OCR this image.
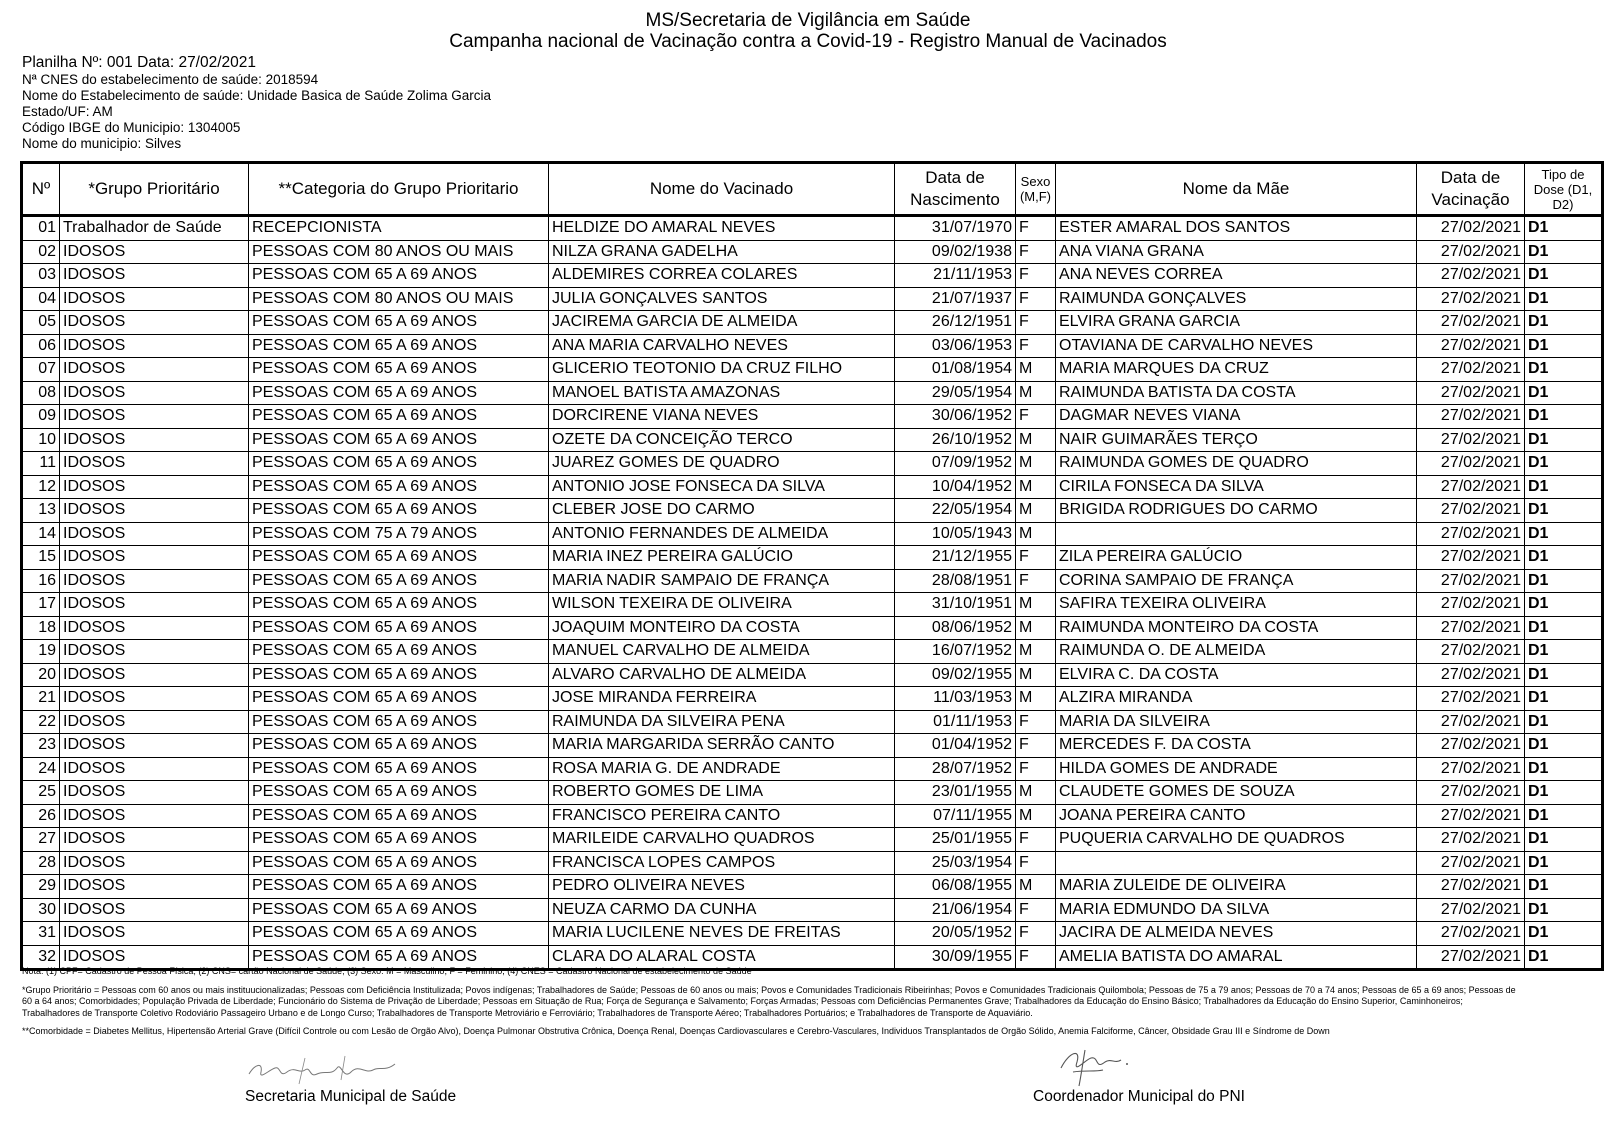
MS/Secretaria de Vigilância em Saúde
Campanha nacional de Vacinação contra a Covid-19 - Registro Manual de Vacinados
Planilha Nº: 001 Data: 27/02/2021
Nª CNES do estabelecimento de saúde: 2018594
Nome do Estabelecimento de saúde: Unidade Basica de Saúde Zolima Garcia
Estado/UF: AM
Código IBGE do Municipio: 1304005
Nome do municipio: Silves
Nº	*Grupo Prioritário	**Categoria do Grupo Prioritario	Nome do Vacinado	Data de Nascimento	Sexo (M,F)	Nome da Mãe	Data de Vacinação	Tipo de Dose (D1, D2)
01	Trabalhador de Saúde	RECEPCIONISTA	HELDIZE DO AMARAL NEVES	31/07/1970	F	ESTER AMARAL DOS SANTOS	27/02/2021	D1
02	IDOSOS	PESSOAS COM 80 ANOS OU MAIS	NILZA GRANA GADELHA	09/02/1938	F	ANA VIANA GRANA	27/02/2021	D1
03	IDOSOS	PESSOAS COM 65 A 69 ANOS	ALDEMIRES CORREA COLARES	21/11/1953	F	ANA NEVES CORREA	27/02/2021	D1
04	IDOSOS	PESSOAS COM 80 ANOS OU MAIS	JULIA GONÇALVES SANTOS	21/07/1937	F	RAIMUNDA GONÇALVES	27/02/2021	D1
05	IDOSOS	PESSOAS COM 65 A 69 ANOS	JACIREMA GARCIA DE ALMEIDA	26/12/1951	F	ELVIRA GRANA GARCIA	27/02/2021	D1
06	IDOSOS	PESSOAS COM 65 A 69 ANOS	ANA MARIA CARVALHO NEVES	03/06/1953	F	OTAVIANA DE CARVALHO NEVES	27/02/2021	D1
07	IDOSOS	PESSOAS COM 65 A 69 ANOS	GLICERIO TEOTONIO DA CRUZ FILHO	01/08/1954	M	MARIA MARQUES DA CRUZ	27/02/2021	D1
08	IDOSOS	PESSOAS COM 65 A 69 ANOS	MANOEL BATISTA AMAZONAS	29/05/1954	M	RAIMUNDA BATISTA DA COSTA	27/02/2021	D1
09	IDOSOS	PESSOAS COM 65 A 69 ANOS	DORCIRENE VIANA NEVES	30/06/1952	F	DAGMAR NEVES VIANA	27/02/2021	D1
10	IDOSOS	PESSOAS COM 65 A 69 ANOS	OZETE DA CONCEIÇÃO TERCO	26/10/1952	M	NAIR GUIMARÃES TERÇO	27/02/2021	D1
11	IDOSOS	PESSOAS COM 65 A 69 ANOS	JUAREZ GOMES DE QUADRO	07/09/1952	M	RAIMUNDA GOMES DE QUADRO	27/02/2021	D1
12	IDOSOS	PESSOAS COM 65 A 69 ANOS	ANTONIO JOSE FONSECA DA SILVA	10/04/1952	M	CIRILA FONSECA DA SILVA	27/02/2021	D1
13	IDOSOS	PESSOAS COM 65 A 69 ANOS	CLEBER JOSE DO CARMO	22/05/1954	M	BRIGIDA RODRIGUES DO CARMO	27/02/2021	D1
14	IDOSOS	PESSOAS COM 75 A 79 ANOS	ANTONIO FERNANDES DE ALMEIDA	10/05/1943	M		27/02/2021	D1
15	IDOSOS	PESSOAS COM 65 A 69 ANOS	MARIA INEZ PEREIRA GALÚCIO	21/12/1955	F	ZILA PEREIRA GALÚCIO	27/02/2021	D1
16	IDOSOS	PESSOAS COM 65 A 69 ANOS	MARIA NADIR SAMPAIO DE FRANÇA	28/08/1951	F	CORINA SAMPAIO DE FRANÇA	27/02/2021	D1
17	IDOSOS	PESSOAS COM 65 A 69 ANOS	WILSON TEXEIRA DE OLIVEIRA	31/10/1951	M	SAFIRA TEXEIRA OLIVEIRA	27/02/2021	D1
18	IDOSOS	PESSOAS COM 65 A 69 ANOS	JOAQUIM MONTEIRO DA COSTA	08/06/1952	M	RAIMUNDA MONTEIRO DA COSTA	27/02/2021	D1
19	IDOSOS	PESSOAS COM 65 A 69 ANOS	MANUEL CARVALHO DE ALMEIDA	16/07/1952	M	RAIMUNDA O. DE ALMEIDA	27/02/2021	D1
20	IDOSOS	PESSOAS COM 65 A 69 ANOS	ALVARO CARVALHO DE ALMEIDA	09/02/1955	M	ELVIRA C. DA COSTA	27/02/2021	D1
21	IDOSOS	PESSOAS COM 65 A 69 ANOS	JOSE MIRANDA FERREIRA	11/03/1953	M	ALZIRA MIRANDA	27/02/2021	D1
22	IDOSOS	PESSOAS COM 65 A 69 ANOS	RAIMUNDA DA SILVEIRA PENA	01/11/1953	F	MARIA DA SILVEIRA	27/02/2021	D1
23	IDOSOS	PESSOAS COM 65 A 69 ANOS	MARIA MARGARIDA SERRÃO CANTO	01/04/1952	F	MERCEDES F. DA COSTA	27/02/2021	D1
24	IDOSOS	PESSOAS COM 65 A 69 ANOS	ROSA MARIA G. DE ANDRADE	28/07/1952	F	HILDA GOMES DE ANDRADE	27/02/2021	D1
25	IDOSOS	PESSOAS COM 65 A 69 ANOS	ROBERTO GOMES DE LIMA	23/01/1955	M	CLAUDETE GOMES DE SOUZA	27/02/2021	D1
26	IDOSOS	PESSOAS COM 65 A 69 ANOS	FRANCISCO PEREIRA CANTO	07/11/1955	M	JOANA PEREIRA CANTO	27/02/2021	D1
27	IDOSOS	PESSOAS COM 65 A 69 ANOS	MARILEIDE CARVALHO QUADROS	25/01/1955	F	PUQUERIA CARVALHO DE QUADROS	27/02/2021	D1
28	IDOSOS	PESSOAS COM 65 A 69 ANOS	FRANCISCA LOPES CAMPOS	25/03/1954	F		27/02/2021	D1
29	IDOSOS	PESSOAS COM 65 A 69 ANOS	PEDRO OLIVEIRA NEVES	06/08/1955	M	MARIA ZULEIDE DE OLIVEIRA	27/02/2021	D1
30	IDOSOS	PESSOAS COM 65 A 69 ANOS	NEUZA CARMO DA CUNHA	21/06/1954	F	MARIA EDMUNDO DA SILVA	27/02/2021	D1
31	IDOSOS	PESSOAS COM 65 A 69 ANOS	MARIA LUCILENE NEVES DE FREITAS	20/05/1952	F	JACIRA DE ALMEIDA NEVES	27/02/2021	D1
32	IDOSOS	PESSOAS COM 65 A 69 ANOS	CLARA DO ALARAL COSTA	30/09/1955	F	AMELIA BATISTA DO AMARAL	27/02/2021	D1
Nota: (1) CPF= Cadastro de Pessoa Física; (2) CNS= cartão Nacional de Saúde; (3) Sexo: M = Masculino, F = Feminino, (4) CNES = Cadastro Nacional de estabelecimento de Saúde
*Grupo Prioritário = Pessoas com 60 anos ou mais instituucionalizadas; Pessoas com Deficiência Institulizada; Povos indígenas; Trabalhadores de Saúde; Pessoas de 60 anos ou mais; Povos e Comunidades Tradicionais Ribeirinhas; Povos e Comunidades Tradicionais Quilombola; Pessoas de 75 a 79 anos; Pessoas de 70 a 74 anos; Pessoas de 65 a 69 anos; Pessoas de
60 a 64 anos; Comorbidades; População Privada de Liberdade; Funcionário do Sistema de Privação de Liberdade; Pessoas em Situação de Rua; Força de Segurança e Salvamento; Forças Armadas; Pessoas com Deficiências Permanentes Grave; Trabalhadores da Educação do Ensino Básico; Trabalhadores da Educação do Ensino Superior, Caminhoneiros;
Trabalhadores de Transporte Coletivo Rodoviário Passageiro Urbano e de Longo Curso; Trabalhadores de Transporte Metroviário e Ferroviário; Trabalhadores de Transporte Aéreo; Trabalhadores Portuários; e Trabalhadores de Transporte de Aquaviário.
**Comorbidade = Diabetes Mellitus, Hipertensão Arterial Grave (Difícil Controle ou com Lesão de Orgão Alvo), Doença Pulmonar Obstrutiva Crônica, Doença Renal, Doenças Cardiovasculares e Cerebro-Vasculares, Individuos Transplantados de Orgão Sólido, Anemia Falciforme, Câncer, Obsidade Grau III e Síndrome de Down
Secretaria Municipal de Saúde	Coordenador Municipal do PNI
